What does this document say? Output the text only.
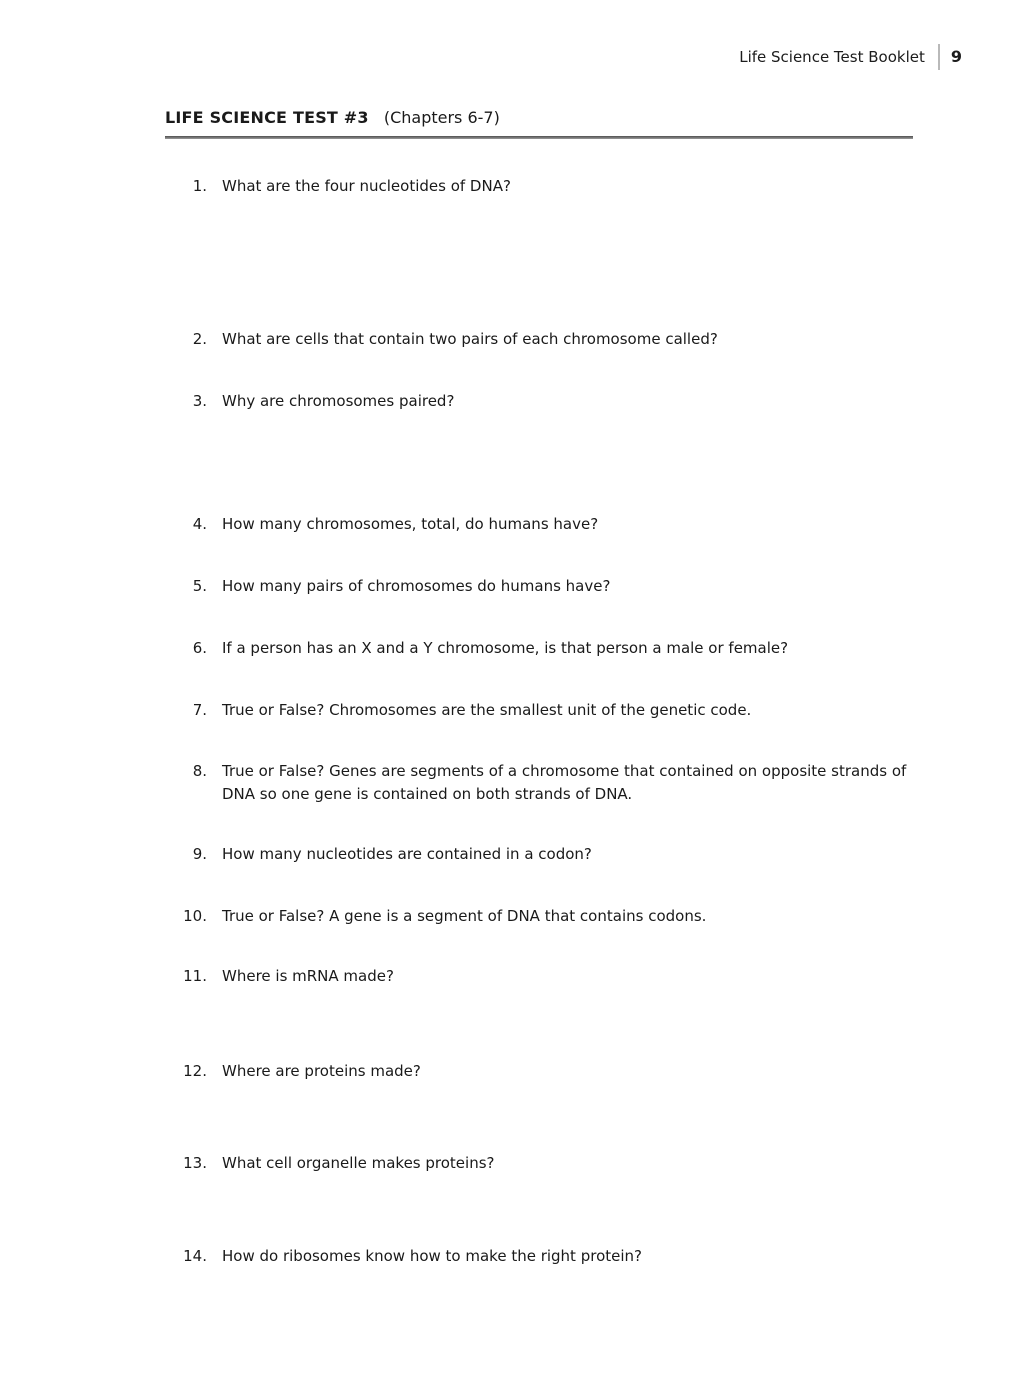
Life Science Test Booklet 9
LIFE SCIENCE TEST #3 (Chapters 6-7)
1. What are the four nucleotides of DNA?
2. What are cells that contain two pairs of each chromosome called?
3. Why are chromosomes paired?
4. How many chromosomes, total, do humans have?
5. How many pairs of chromosomes do humans have?
6. If a person has an X and a Y chromosome, is that person a male or female?
7. True or False? Chromosomes are the smallest unit of the genetic code.
8. True or False? Genes are segments of a chromosome that contained on opposite strands of DNA so one gene is contained on both strands of DNA.
9. How many nucleotides are contained in a codon?
10. True or False? A gene is a segment of DNA that contains codons.
11. Where is mRNA made?
12. Where are proteins made?
13. What cell organelle makes proteins?
14. How do ribosomes know how to make the right protein?
